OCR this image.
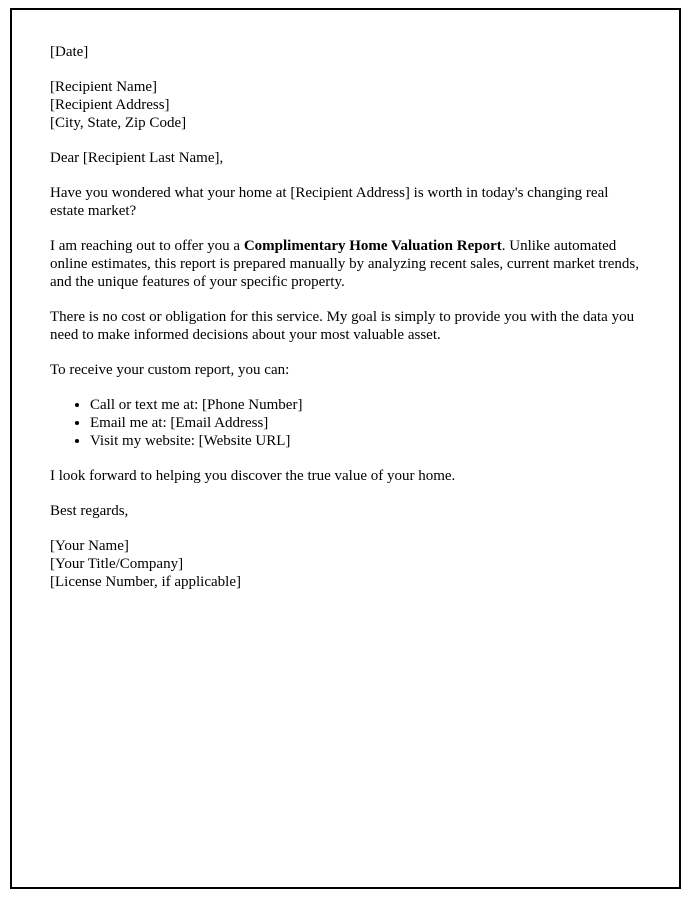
[Date]

[Recipient Name]
[Recipient Address]
[City, State, Zip Code]

Dear [Recipient Last Name],

Have you wondered what your home at [Recipient Address] is worth in today's changing real estate market?

I am reaching out to offer you a Complimentary Home Valuation Report. Unlike automated online estimates, this report is prepared manually by analyzing recent sales, current market trends, and the unique features of your specific property.

There is no cost or obligation for this service. My goal is simply to provide you with the data you need to make informed decisions about your most valuable asset.

To receive your custom report, you can:

• Call or text me at: [Phone Number]
• Email me at: [Email Address]
• Visit my website: [Website URL]

I look forward to helping you discover the true value of your home.

Best regards,

[Your Name]
[Your Title/Company]
[License Number, if applicable]
